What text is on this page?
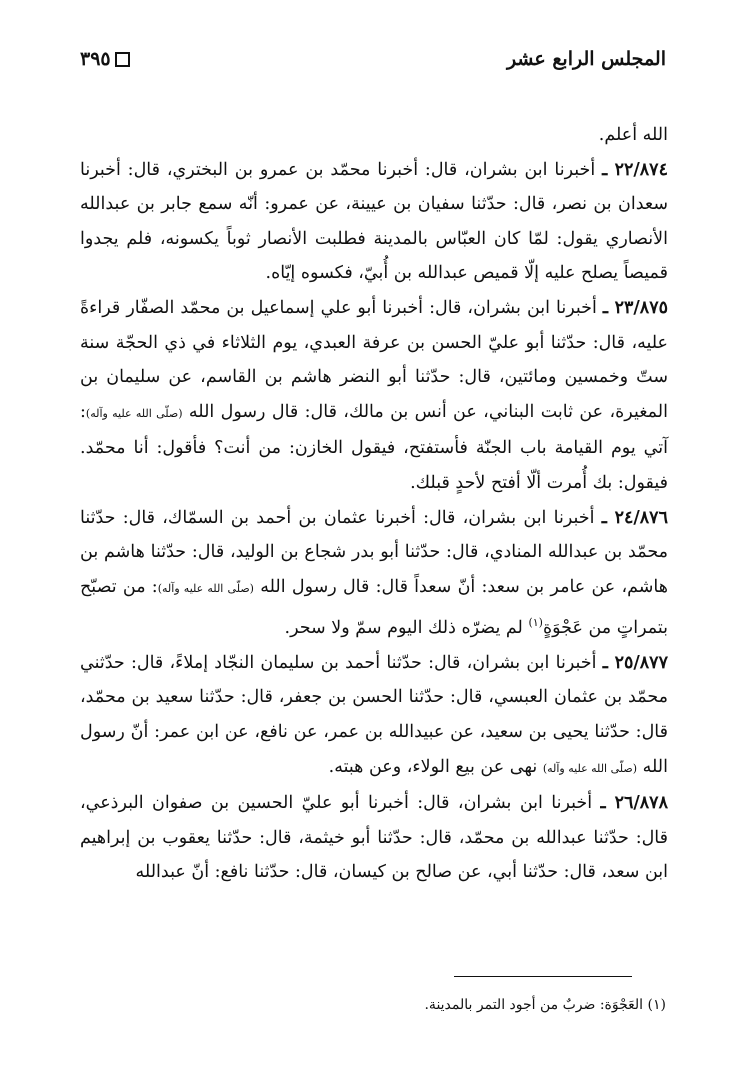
المجلس الرابع عشر
٣٩٥

الله أعلم.

٢٢/٨٧٤ ـ أخبرنا ابن بشران، قال: أخبرنا محمّد بن عمرو بن البختري، قال: أخبرنا سعدان بن نصر، قال: حدّثنا سفيان بن عيينة، عن عمرو: أنّه سمع جابر بن عبدالله الأنصاري يقول: لمّا كان العبّاس بالمدينة فطلبت الأنصار ثوباً يكسونه، فلم يجدوا قميصاً يصلح عليه إلّا قميص عبدالله بن أُبيّ، فكسوه إيّاه.

٢٣/٨٧٥ ـ أخبرنا ابن بشران، قال: أخبرنا أبو علي إسماعيل بن محمّد الصفّار قراءةً عليه، قال: حدّثنا أبو عليّ الحسن بن عرفة العبدي، يوم الثلاثاء في ذي الحجّة سنة ستّ وخمسين ومائتين، قال: حدّثنا أبو النضر هاشم بن القاسم، عن سليمان بن المغيرة، عن ثابت البناني، عن أنس بن مالك، قال: قال رسول الله (صلّى الله عليه وآله): آتي يوم القيامة باب الجنّة فأستفتح، فيقول الخازن: من أنت؟ فأقول: أنا محمّد. فيقول: بك أُمرت ألّا أفتح لأحدٍ قبلك.

٢٤/٨٧٦ ـ أخبرنا ابن بشران، قال: أخبرنا عثمان بن أحمد بن السمّاك، قال: حدّثنا محمّد بن عبدالله المنادي، قال: حدّثنا أبو بدر شجاع بن الوليد، قال: حدّثنا هاشم بن هاشم، عن عامر بن سعد: أنّ سعداً قال: قال رسول الله (صلّى الله عليه وآله): من تصبّح بتمراتٍ من عَجْوَةٍ$^{(١)}$ لم يضرّه ذلك اليوم سمّ ولا سحر.

٢٥/٨٧٧ ـ أخبرنا ابن بشران، قال: حدّثنا أحمد بن سليمان النجّاد إملاءً، قال: حدّثني محمّد بن عثمان العبسي، قال: حدّثنا الحسن بن جعفر، قال: حدّثنا سعيد بن محمّد، قال: حدّثنا يحيى بن سعيد، عن عبيدالله بن عمر، عن نافع، عن ابن عمر: أنّ رسول الله (صلّى الله عليه وآله) نهى عن بيع الولاء، وعن هبته.

٢٦/٨٧٨ ـ أخبرنا ابن بشران، قال: أخبرنا أبو عليّ الحسين بن صفوان البرذعي، قال: حدّثنا عبدالله بن محمّد، قال: حدّثنا أبو خيثمة، قال: حدّثنا يعقوب بن إبراهيم ابن سعد، قال: حدّثنا أبي، عن صالح بن كيسان، قال: حدّثنا نافع: أنّ عبدالله

(١) العَجْوَة: ضربٌ من أجود التمر بالمدينة.
